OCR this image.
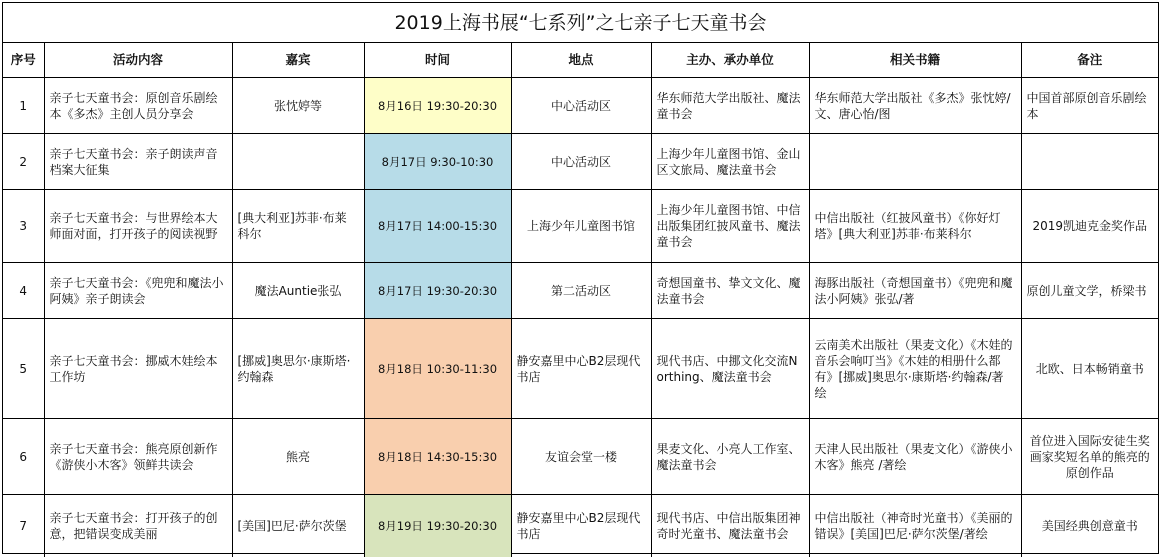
2019上海书展“七系列”之七亲子七天童书会
序号	活动内容	嘉宾	时间	地点	主办、承办单位	相关书籍	备注
1	亲子七天童书会：原创音乐剧绘本《多杰》主创人员分享会	张忱婷等	8月16日 19:30-20:30	中心活动区	华东师范大学出版社、魔法童书会	华东师范大学出版社《多杰》张忱婷/文、唐心怡/图	中国首部原创音乐剧绘本
2	亲子七天童书会：亲子朗读声音档案大征集		8月17日 9:30-10:30	中心活动区	上海少年儿童图书馆、金山区文旅局、魔法童书会		
3	亲子七天童书会：与世界绘本大师面对面，打开孩子的阅读视野	[典大利亚]苏菲·布莱科尔	8月17日 14:00-15:30	上海少年儿童图书馆	上海少年儿童图书馆、中信出版集团红披风童书、魔法童书会	中信出版社（红披风童书）《你好灯塔》[典大利亚]苏菲·布莱科尔	2019凯迪克金奖作品
4	亲子七天童书会：《兜兜和魔法小阿姨》亲子朗读会	魔法Auntie张弘	8月17日 19:30-20:30	第二活动区	奇想国童书、挚文文化、魔法童书会	海豚出版社（奇想国童书）《兜兜和魔法小阿姨》张弘/著	原创儿童文学，桥梁书
5	亲子七天童书会：挪威木娃绘本工作坊	[挪威]奥思尔·康斯塔·约翰森	8月18日 10:30-11:30	静安嘉里中心B2层现代书店	现代书店、中挪文化交流Northing、魔法童书会	云南美术出版社（果麦文化）《木娃的音乐会响叮当》《木娃的相册什么都有》[挪威]奥思尔·康斯塔·约翰森/著绘	北欧、日本畅销童书
6	亲子七天童书会：熊亮原创新作《游侠小木客》领鲜共读会	熊亮	8月18日 14:30-15:30	友谊会堂一楼	果麦文化、小亮人工作室、魔法童书会	天津人民出版社（果麦文化）《游侠小木客》熊亮 /著绘	首位进入国际安徒生奖画家奖短名单的熊亮的原创作品
7	亲子七天童书会：打开孩子的创意，把错误变成美丽	[美国]巴尼·萨尔茨堡	8月19日 19:30-20:30	静安嘉里中心B2层现代书店	现代书店、中信出版集团神奇时光童书、魔法童书会	中信出版社（神奇时光童书）《美丽的错误》[美国]巴尼·萨尔茨堡/著绘	美国经典创意童书
